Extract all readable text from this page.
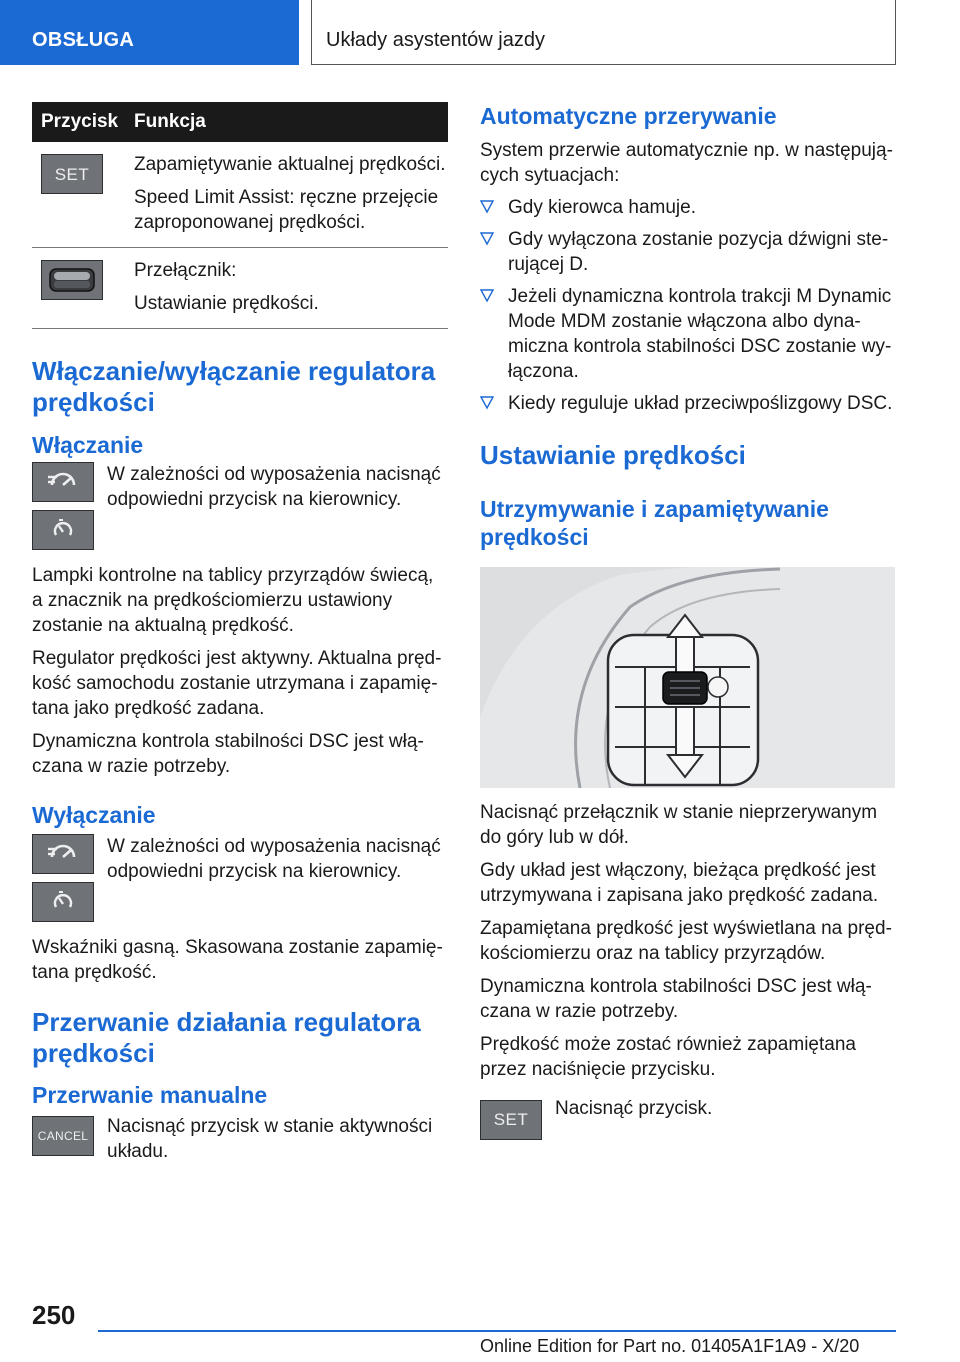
OBSŁUGA	Układy asystentów jazdy
Przycisk	Funkcja

SET	Zapamiętywanie aktualnej prędkości.

Speed Limit Assist: ręczne przejęcie zaproponowanej prędkości.

Przełącznik:

Ustawianie prędkości.

Włączanie/wyłączanie regulatora prędkości
Włączanie
W zależności od wyposażenia nacisnąć odpowiedni przycisk na kierownicy.

Lampki kontrolne na tablicy przyrządów świecą, a znacznik na prędkościomierzu ustawiony zostanie na aktualną prędkość.

Regulator prędkości jest aktywny. Aktualna prędkość samochodu zostanie utrzymana i zapamiętana jako prędkość zadana.

Dynamiczna kontrola stabilności DSC jest włączana w razie potrzeby.

Wyłączanie
W zależności od wyposażenia nacisnąć odpowiedni przycisk na kierownicy.

Wskaźniki gasną. Skasowana zostanie zapamiętana prędkość.

Przerwanie działania regulatora prędkości
Przerwanie manualne
CANCEL Nacisnąć przycisk w stanie aktywności układu.
Automatyczne przerywanie

System przerwie automatycznie np. w następujących sytuacjach:

Gdy kierowca hamuje.
Gdy wyłączona zostanie pozycja dźwigni sterującej D.
Jeżeli dynamiczna kontrola trakcji M Dynamic Mode MDM zostanie włączona albo dynamiczna kontrola stabilności DSC zostanie wyłączona.
Kiedy reguluje układ przeciwpoślizgowy DSC.
Ustawianie prędkości
Utrzymywanie i zapamiętywanie prędkości

Nacisnąć przełącznik w stanie nieprzerywanym do góry lub w dół.

Gdy układ jest włączony, bieżąca prędkość jest utrzymywana i zapisana jako prędkość zadana.

Zapamiętana prędkość jest wyświetlana na prędkościomierzu oraz na tablicy przyrządów.

Dynamiczna kontrola stabilności DSC jest włączana w razie potrzeby.

Prędkość może zostać również zapamiętana przez naciśnięcie przycisku.

SET
Nacisnąć przycisk.
250
Online Edition for Part no. 01405A1F1A9 - X/20
